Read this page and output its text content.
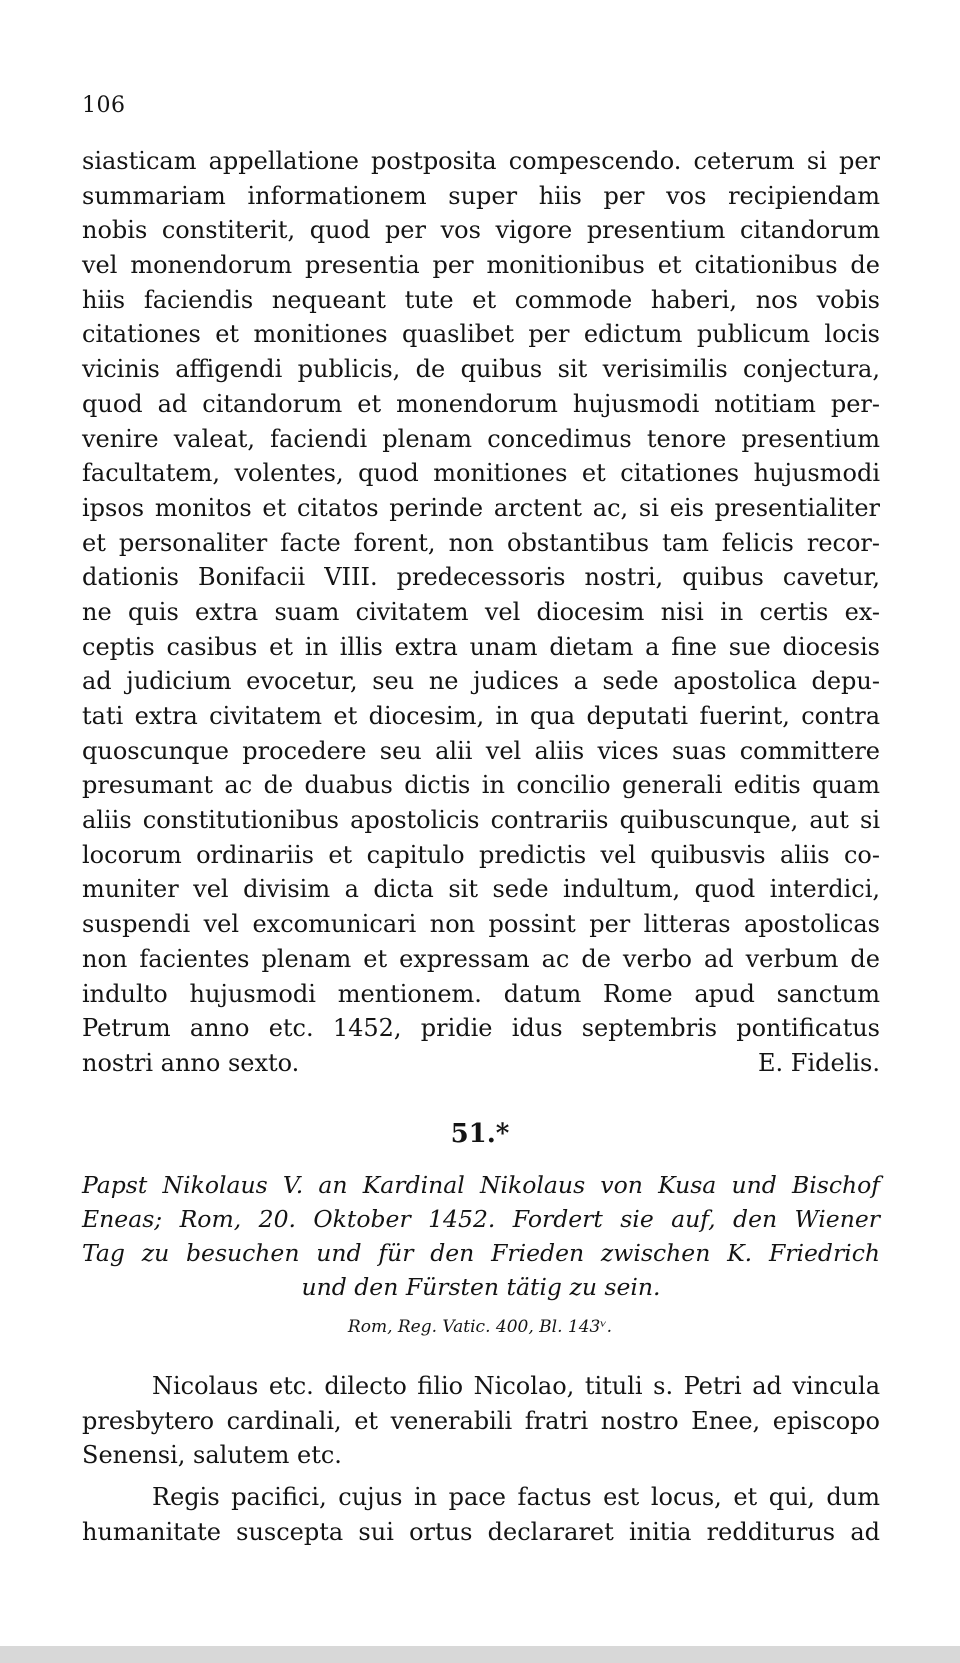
106
siasticam appellatione postposita compescendo. ceterum si per
summariam informationem super hiis per vos recipiendam
nobis constiterit, quod per vos vigore presentium citandorum
vel monendorum presentia per monitionibus et citationibus de
hiis faciendis nequeant tute et commode haberi, nos vobis
citationes et monitiones quaslibet per edictum publicum locis
vicinis affigendi publicis, de quibus sit verisimilis conjectura,
quod ad citandorum et monendorum hujusmodi notitiam per-
venire valeat, faciendi plenam concedimus tenore presentium
facultatem, volentes, quod monitiones et citationes hujusmodi
ipsos monitos et citatos perinde arctent ac, si eis presentialiter
et personaliter facte forent, non obstantibus tam felicis recor-
dationis Bonifacii VIII. predecessoris nostri, quibus cavetur,
ne quis extra suam civitatem vel diocesim nisi in certis ex-
ceptis casibus et in illis extra unam dietam a fine sue diocesis
ad judicium evocetur, seu ne judices a sede apostolica depu-
tati extra civitatem et diocesim, in qua deputati fuerint, contra
quoscunque procedere seu alii vel aliis vices suas committere
presumant ac de duabus dictis in concilio generali editis quam
aliis constitutionibus apostolicis contrariis quibuscunque, aut si
locorum ordinariis et capitulo predictis vel quibusvis aliis co-
muniter vel divisim a dicta sit sede indultum, quod interdici,
suspendi vel excomunicari non possint per litteras apostolicas
non facientes plenam et expressam ac de verbo ad verbum de
indulto hujusmodi mentionem. datum Rome apud sanctum
Petrum anno etc. 1452, pridie idus septembris pontificatus
nostri anno sexto.	E. Fidelis.
51.*
Papst Nikolaus V. an Kardinal Nikolaus von Kusa und Bischof
Eneas; Rom, 20. Oktober 1452. Fordert sie auf, den Wiener
Tag zu besuchen und für den Frieden zwischen K. Friedrich
und den Fürsten tätig zu sein.
Rom, Reg. Vatic. 400, Bl. 143ᵛ.
Nicolaus etc. dilecto filio Nicolao, tituli s. Petri ad vincula
presbytero cardinali, et venerabili fratri nostro Enee, episcopo
Senensi, salutem etc.
Regis pacifici, cujus in pace factus est locus, et qui, dum
humanitate suscepta sui ortus declararet initia redditurus ad
